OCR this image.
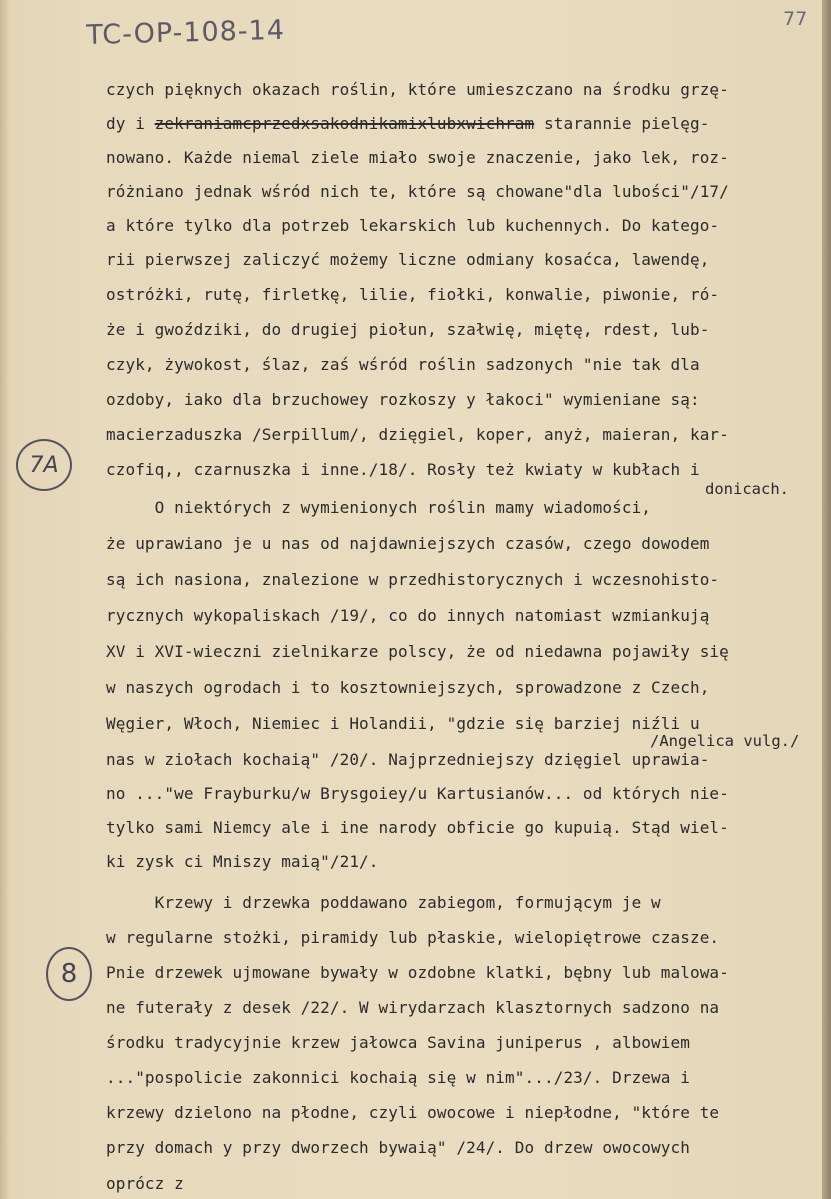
TC-OP-108-14	77
7A
8
czych pięknych okazach roślin, które umieszczano na środku grzę-
dy i zekraniamcprzedxsakodnikamixlubxwichram starannie pielęg-
nowano. Każde niemal ziele miało swoje znaczenie, jako lek, roz-
różniano jednak wśród nich te, które są chowane"dla lubości"/17/
a które tylko dla potrzeb lekarskich lub kuchennych. Do katego-
rii pierwszej zaliczyć możemy liczne odmiany kosaćca, lawendę,
ostróżki, rutę, firletkę, lilie, fiołki, konwalie, piwonie, ró-
że i gwoździki, do drugiej piołun, szałwię, miętę, rdest, lub-
czyk, żywokost, ślaz, zaś wśród roślin sadzonych "nie tak dla
ozdoby, iako dla brzuchowey rozkoszy y łakoci" wymieniane są:
macierzaduszka /Serpillum/, dzięgiel, koper, anyż, maieran, kar-
czofiq,, czarnuszka i inne./18/. Rosły też kwiaty w kubłach i
donicach.
O niektórych z wymienionych roślin mamy wiadomości,
że uprawiano je u nas od najdawniejszych czasów, czego dowodem
są ich nasiona, znalezione w przedhistorycznych i wczesnohisto-
rycznych wykopaliskach /19/, co do innych natomiast wzmiankują
XV i XVI-wieczni zielnikarze polscy, że od niedawna pojawiły się
w naszych ogrodach i to kosztowniejszych, sprowadzone z Czech,
Węgier, Włoch, Niemiec i Holandii, "gdzie się barziej niźli u
/Angelica vulg./
nas w ziołach kochaią" /20/. Najprzedniejszy dzięgiel uprawia-
no ..."we Frayburku/w Brysgoiey/u Kartusianów... od których nie-
tylko sami Niemcy ale i ine narody obficie go kupuią. Stąd wiel-
ki zysk ci Mniszy maią"/21/.
Krzewy i drzewka poddawano zabiegom, formującym je w
w regularne stożki, piramidy lub płaskie, wielopiętrowe czasze.
Pnie drzewek ujmowane bywały w ozdobne klatki, bębny lub malowa-
ne futerały z desek /22/. W wirydarzach klasztornych sadzono na
środku tradycyjnie krzew jałowca Savina juniperus , albowiem
..."pospolicie zakonnici kochaią się w nim".../23/. Drzewa i
krzewy dzielono na płodne, czyli owocowe i niepłodne, "które te
przy domach y przy dworzech bywaią" /24/. Do drzew owocowych
oprócz z
